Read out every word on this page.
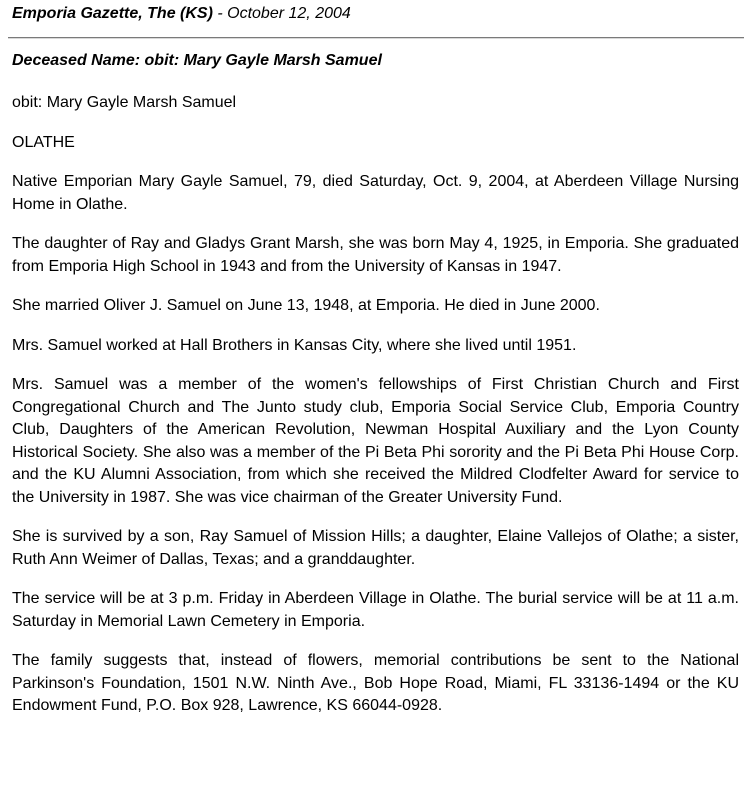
Emporia Gazette, The (KS) - October 12, 2004
Deceased Name: obit: Mary Gayle Marsh Samuel

obit: Mary Gayle Marsh Samuel

OLATHE

Native Emporian Mary Gayle Samuel, 79, died Saturday, Oct. 9, 2004, at Aberdeen Village Nursing Home in Olathe.

The daughter of Ray and Gladys Grant Marsh, she was born May 4, 1925, in Emporia. She graduated from Emporia High School in 1943 and from the University of Kansas in 1947.

She married Oliver J. Samuel on June 13, 1948, at Emporia. He died in June 2000.

Mrs. Samuel worked at Hall Brothers in Kansas City, where she lived until 1951.

Mrs. Samuel was a member of the women's fellowships of First Christian Church and First Congregational Church and The Junto study club, Emporia Social Service Club, Emporia Country Club, Daughters of the American Revolution, Newman Hospital Auxiliary and the Lyon County Historical Society. She also was a member of the Pi Beta Phi sorority and the Pi Beta Phi House Corp. and the KU Alumni Association, from which she received the Mildred Clodfelter Award for service to the University in 1987. She was vice chairman of the Greater University Fund.

She is survived by a son, Ray Samuel of Mission Hills; a daughter, Elaine Vallejos of Olathe; a sister, Ruth Ann Weimer of Dallas, Texas; and a granddaughter.

The service will be at 3 p.m. Friday in Aberdeen Village in Olathe. The burial service will be at 11 a.m. Saturday in Memorial Lawn Cemetery in Emporia.

The family suggests that, instead of flowers, memorial contributions be sent to the National Parkinson's Foundation, 1501 N.W. Ninth Ave., Bob Hope Road, Miami, FL 33136-1494 or the KU Endowment Fund, P.O. Box 928, Lawrence, KS 66044-0928.
